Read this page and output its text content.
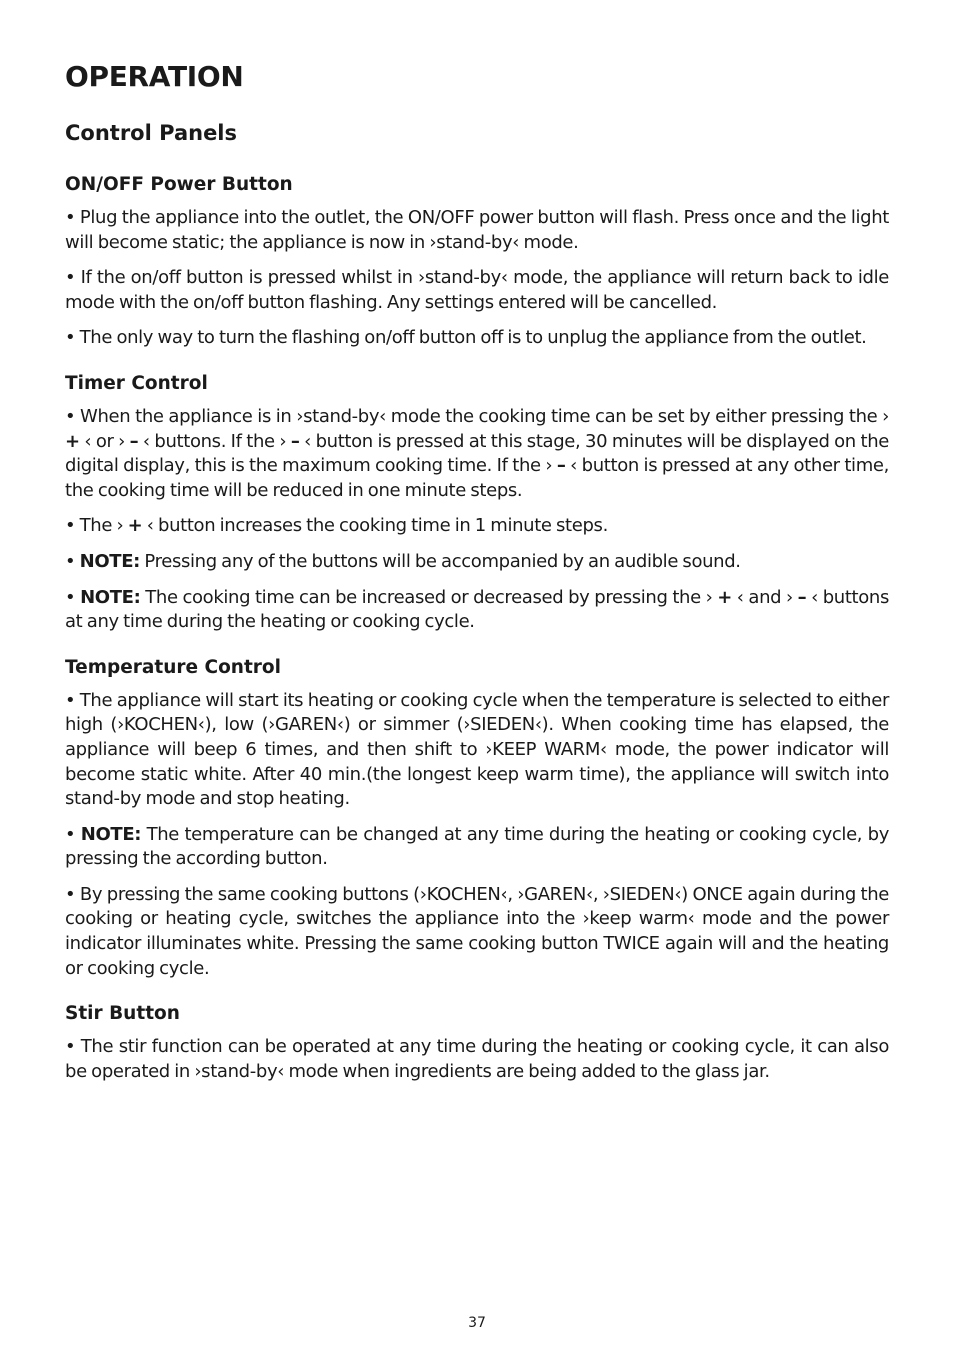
OPERATION
Control Panels
ON/OFF Power Button

• Plug the appliance into the outlet, the ON/OFF power button will flash. Press once and the light will become static; the appliance is now in ›stand-by‹ mode.

• If the on/off button is pressed whilst in ›stand-by‹ mode, the appliance will return back to idle mode with the on/off button flashing. Any settings entered will be cancelled.

• The only way to turn the flashing on/off button off is to unplug the appliance from the outlet.

Timer Control

• When the appliance is in ›stand-by‹ mode the cooking time can be set by either pressing the › + ‹ or › – ‹ buttons. If the › – ‹ button is pressed at this stage, 30 minutes will be displayed on the digital display, this is the maximum cooking time. If the › – ‹ button is pressed at any other time, the cooking time will be reduced in one minute steps.

• The › + ‹ button increases the cooking time in 1 minute steps.

• NOTE: Pressing any of the buttons will be accompanied by an audible sound.

• NOTE: The cooking time can be increased or decreased by pressing the › + ‹ and › – ‹ buttons at any time during the heating or cooking cycle.

Temperature Control

• The appliance will start its heating or cooking cycle when the temperature is selected to either high (›KOCHEN‹), low (›GAREN‹) or simmer (›SIEDEN‹). When cooking time has elapsed, the appliance will beep 6 times, and then shift to ›KEEP WARM‹ mode, the power indicator will become static white. After 40 min.(the longest keep warm time), the appliance will switch into stand-by mode and stop heating.

• NOTE: The temperature can be changed at any time during the heating or cooking cycle, by pressing the according button.

• By pressing the same cooking buttons (›KOCHEN‹, ›GAREN‹, ›SIEDEN‹) ONCE again during the cooking or heating cycle, switches the appliance into the ›keep warm‹ mode and the power indicator illuminates white. Pressing the same cooking button TWICE again will and the heating or cooking cycle.

Stir Button

• The stir function can be operated at any time during the heating or cooking cycle, it can also be operated in ›stand-by‹ mode when ingredients are being added to the glass jar.

37
